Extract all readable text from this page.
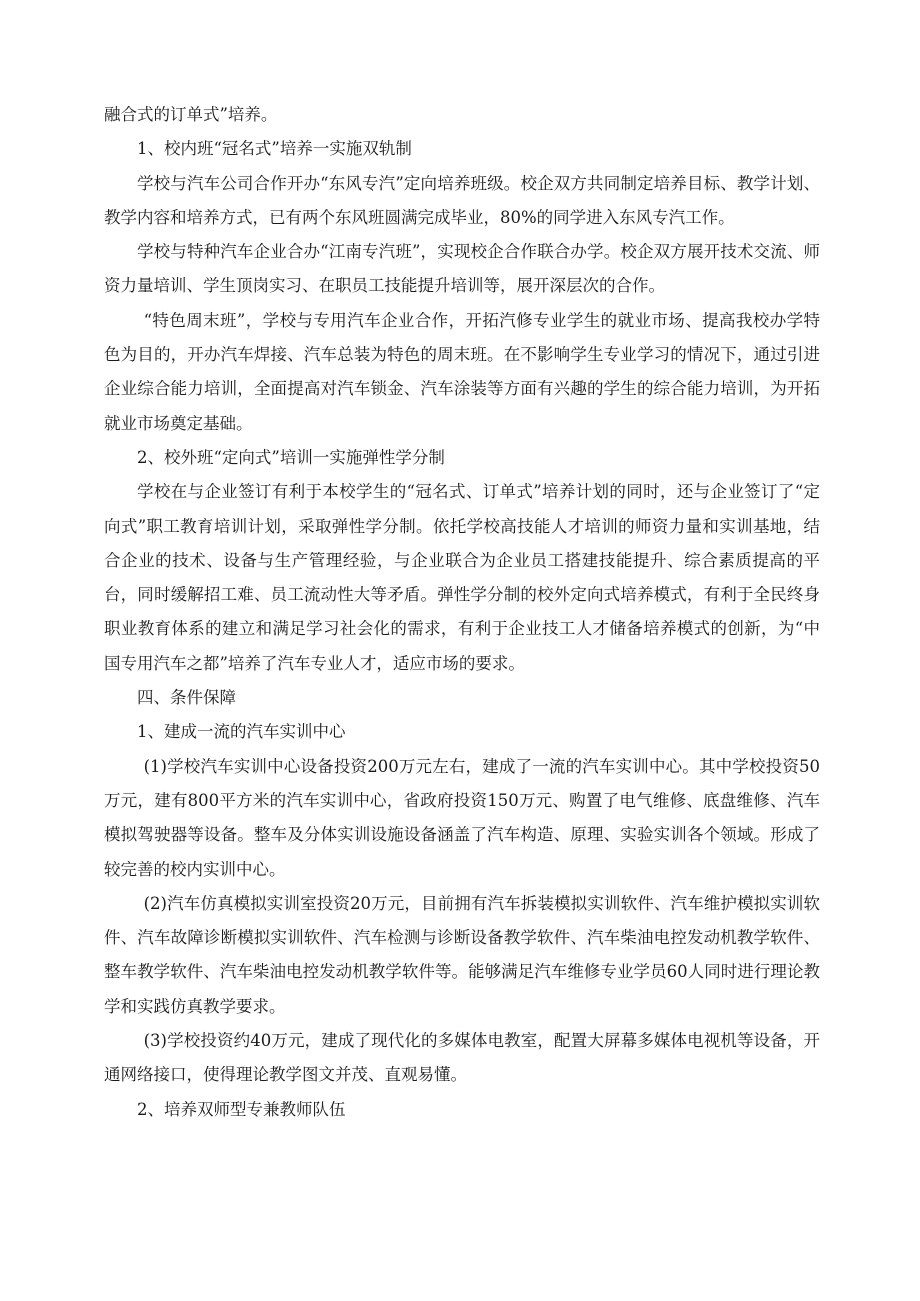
融合式的订单式”培养。

1、校内班“冠名式”培养一实施双轨制

学校与汽车公司合作开办“东风专汽”定向培养班级。校企双方共同制定培养目标、教学计划、教学内容和培养方式，已有两个东风班圆满完成毕业，80%的同学进入东风专汽工作。

学校与特种汽车企业合办“江南专汽班”，实现校企合作联合办学。校企双方展开技术交流、师资力量培训、学生顶岗实习、在职员工技能提升培训等，展开深层次的合作。

“特色周末班”，学校与专用汽车企业合作，开拓汽修专业学生的就业市场、提高我校办学特色为目的，开办汽车焊接、汽车总装为特色的周末班。在不影响学生专业学习的情况下，通过引进企业综合能力培训，全面提高对汽车锁金、汽车涂装等方面有兴趣的学生的综合能力培训，为开拓就业市场奠定基础。

2、校外班“定向式”培训一实施弹性学分制

学校在与企业签订有利于本校学生的“冠名式、订单式”培养计划的同时，还与企业签订了“定向式”职工教育培训计划，采取弹性学分制。依托学校高技能人才培训的师资力量和实训基地，结合企业的技术、设备与生产管理经验，与企业联合为企业员工搭建技能提升、综合素质提高的平台，同时缓解招工难、员工流动性大等矛盾。弹性学分制的校外定向式培养模式，有利于全民终身职业教育体系的建立和满足学习社会化的需求，有利于企业技工人才储备培养模式的创新，为“中国专用汽车之都”培养了汽车专业人才，适应市场的要求。

四、条件保障

1、建成一流的汽车实训中心

(1)学校汽车实训中心设备投资200万元左右，建成了一流的汽车实训中心。其中学校投资50万元，建有800平方米的汽车实训中心，省政府投资150万元、购置了电气维修、底盘维修、汽车模拟驾驶器等设备。整车及分体实训设施设备涵盖了汽车构造、原理、实验实训各个领域。形成了较完善的校内实训中心。

(2)汽车仿真模拟实训室投资20万元，目前拥有汽车拆装模拟实训软件、汽车维护模拟实训软件、汽车故障诊断模拟实训软件、汽车检测与诊断设备教学软件、汽车柴油电控发动机教学软件、整车教学软件、汽车柴油电控发动机教学软件等。能够满足汽车维修专业学员60人同时进行理论教学和实践仿真教学要求。

(3)学校投资约40万元，建成了现代化的多媒体电教室，配置大屏幕多媒体电视机等设备，开通网络接口，使得理论教学图文并茂、直观易懂。

2、培养双师型专兼教师队伍
